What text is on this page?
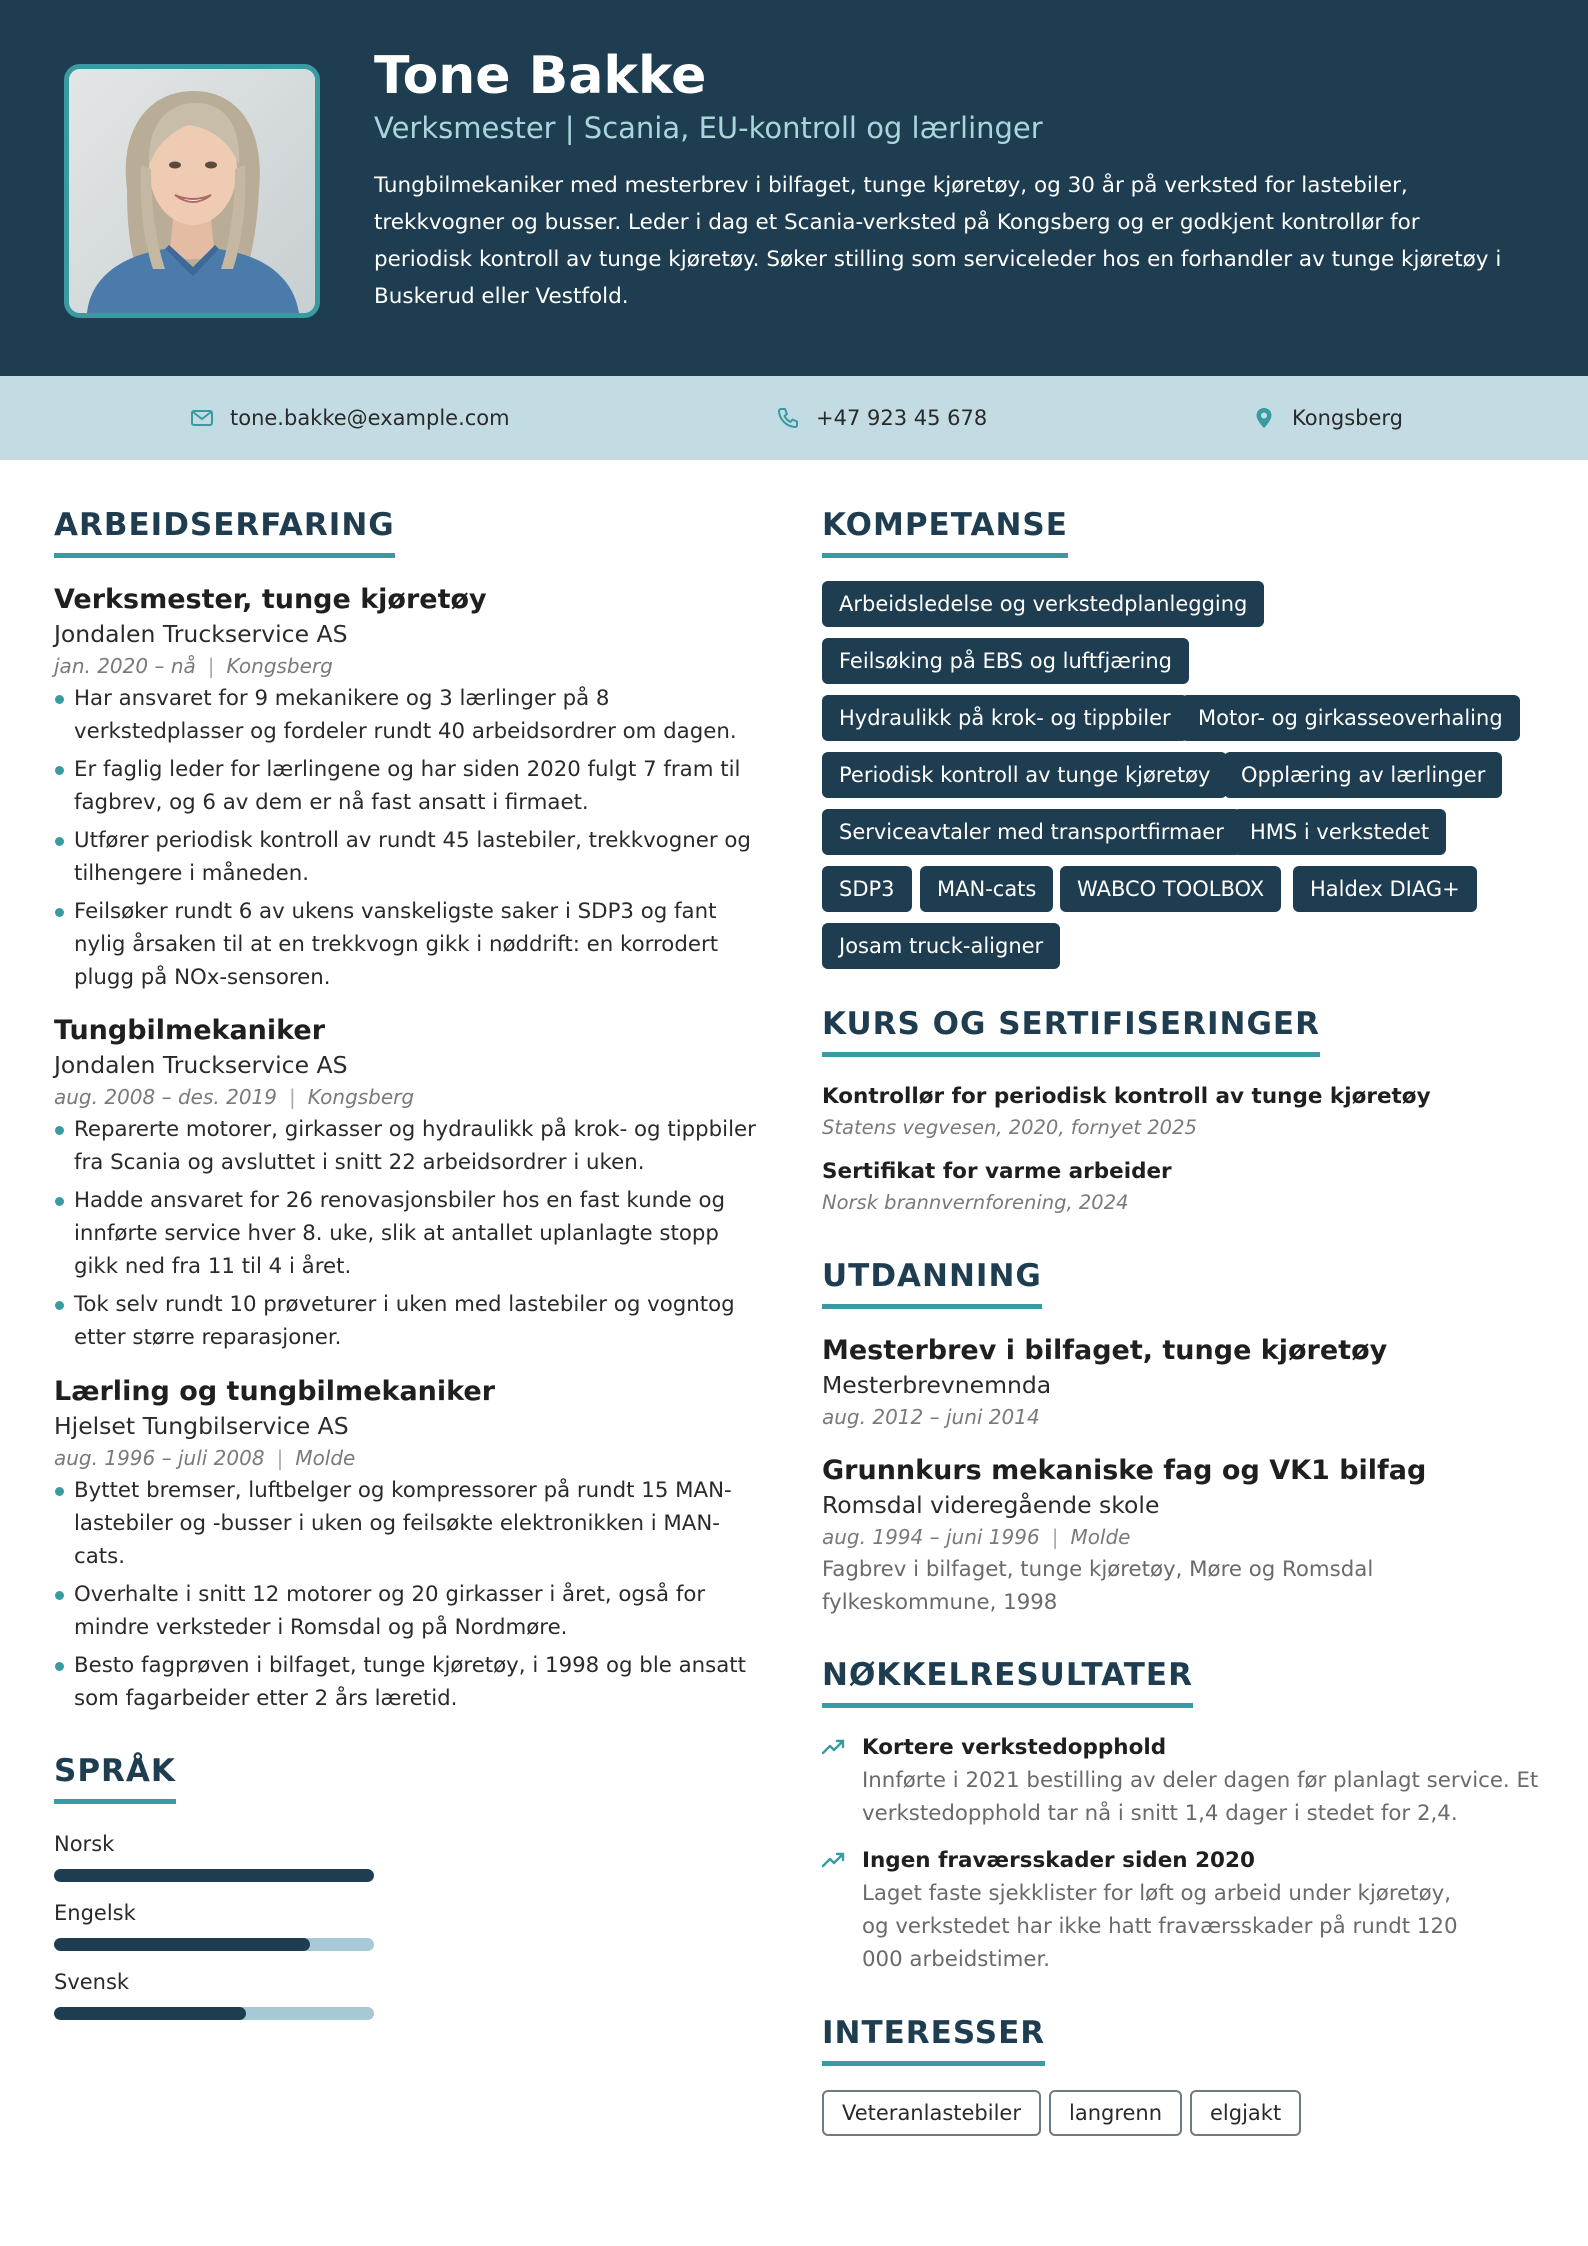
Tone Bakke
Verksmester | Scania, EU-kontroll og lærlinger
Tungbilmekaniker med mesterbrev i bilfaget, tunge kjøretøy, og 30 år på verksted for lastebiler, trekkvogner og busser. Leder i dag et Scania-verksted på Kongsberg og er godkjent kontrollør for periodisk kontroll av tunge kjøretøy. Søker stilling som serviceleder hos en forhandler av tunge kjøretøy i Buskerud eller Vestfold.
tone.bakke@example.com	+47 923 45 678	Kongsberg
ARBEIDSERFARING
Verksmester, tunge kjøretøy
Jondalen Truckservice AS
jan. 2020 – nå | Kongsberg
Har ansvaret for 9 mekanikere og 3 lærlinger på 8 verkstedplasser og fordeler rundt 40 arbeidsordrer om dagen.
Er faglig leder for lærlingene og har siden 2020 fulgt 7 fram til fagbrev, og 6 av dem er nå fast ansatt i firmaet.
Utfører periodisk kontroll av rundt 45 lastebiler, trekkvogner og tilhengere i måneden.
Feilsøker rundt 6 av ukens vanskeligste saker i SDP3 og fant nylig årsaken til at en trekkvogn gikk i nøddrift: en korrodert plugg på NOx-sensoren.
Tungbilmekaniker
Jondalen Truckservice AS
aug. 2008 – des. 2019 | Kongsberg
Reparerte motorer, girkasser og hydraulikk på krok- og tippbiler fra Scania og avsluttet i snitt 22 arbeidsordrer i uken.
Hadde ansvaret for 26 renovasjonsbiler hos en fast kunde og innførte service hver 8. uke, slik at antallet uplanlagte stopp gikk ned fra 11 til 4 i året.
Tok selv rundt 10 prøveturer i uken med lastebiler og vogntog etter større reparasjoner.
Lærling og tungbilmekaniker
Hjelset Tungbilservice AS
aug. 1996 – juli 2008 | Molde
Byttet bremser, luftbelger og kompressorer på rundt 15 MAN-lastebiler og -busser i uken og feilsøkte elektronikken i MAN-cats.
Overhalte i snitt 12 motorer og 20 girkasser i året, også for mindre verksteder i Romsdal og på Nordmøre.
Besto fagprøven i bilfaget, tunge kjøretøy, i 1998 og ble ansatt som fagarbeider etter 2 års læretid.
SPRÅK
Norsk
Engelsk
Svensk
KOMPETANSE
Arbeidsledelse og verkstedplanlegging
Feilsøking på EBS og luftfjæring
Hydraulikk på krok- og tippbiler	Motor- og girkasseoverhaling
Periodisk kontroll av tunge kjøretøy	Opplæring av lærlinger
Serviceavtaler med transportfirmaer	HMS i verkstedet
SDP3	MAN-cats	WABCO TOOLBOX	Haldex DIAG+
Josam truck-aligner
KURS OG SERTIFISERINGER
Kontrollør for periodisk kontroll av tunge kjøretøy
Statens vegvesen, 2020, fornyet 2025
Sertifikat for varme arbeider
Norsk brannvernforening, 2024
UTDANNING
Mesterbrev i bilfaget, tunge kjøretøy
Mesterbrevnemnda
aug. 2012 – juni 2014
Grunnkurs mekaniske fag og VK1 bilfag
Romsdal videregående skole
aug. 1994 – juni 1996 | Molde
Fagbrev i bilfaget, tunge kjøretøy, Møre og Romsdal fylkeskommune, 1998
NØKKELRESULTATER
Kortere verkstedopphold
Innførte i 2021 bestilling av deler dagen før planlagt service. Et verkstedopphold tar nå i snitt 1,4 dager i stedet for 2,4.
Ingen fraværsskader siden 2020
Laget faste sjekklister for løft og arbeid under kjøretøy, og verkstedet har ikke hatt fraværsskader på rundt 120 000 arbeidstimer.
INTERESSER
Veteranlastebiler	langrenn	elgjakt
